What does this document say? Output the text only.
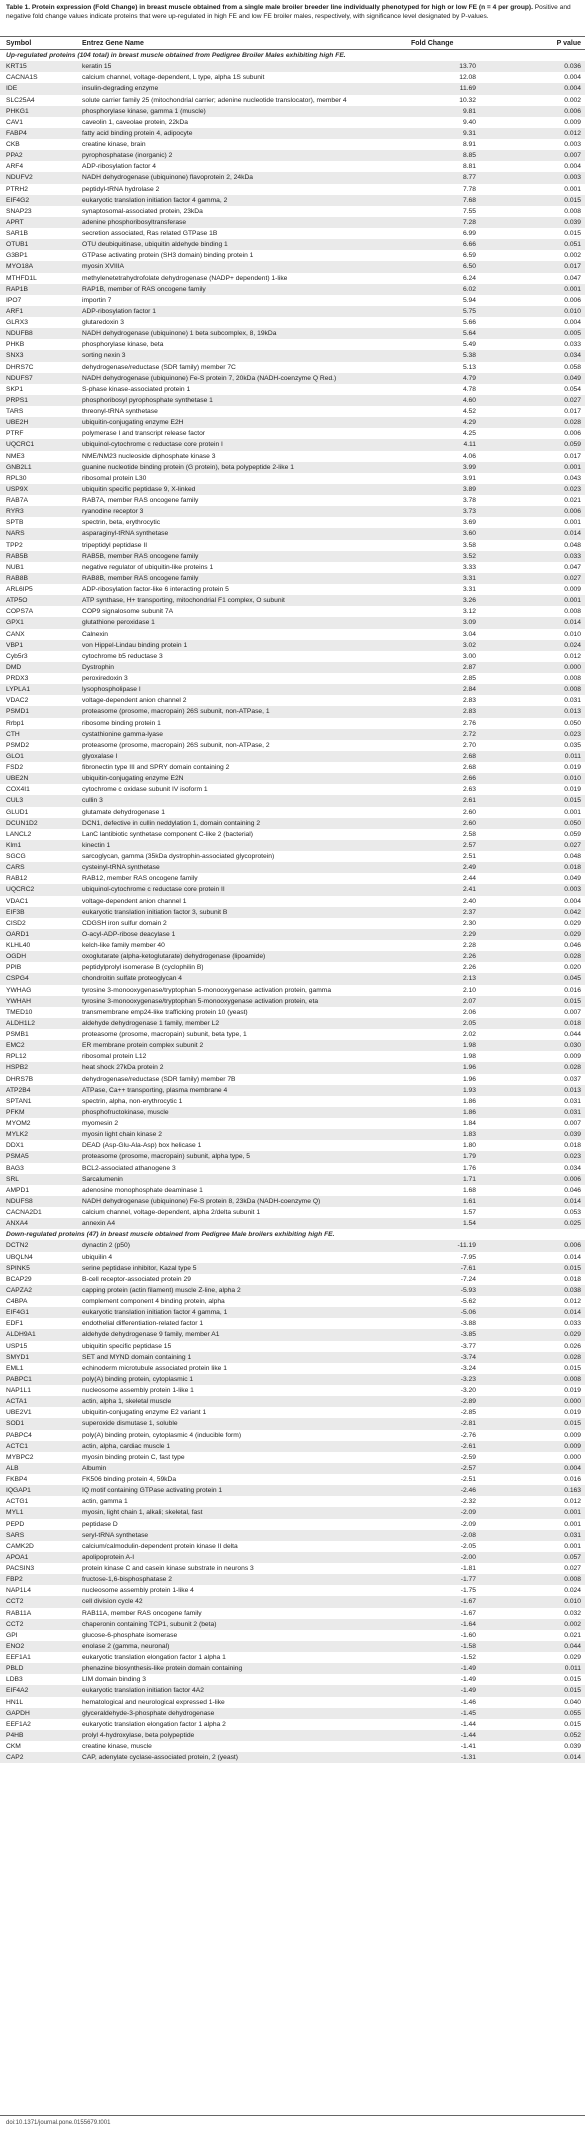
Table 1. Protein expression (Fold Change) in breast muscle obtained from a single male broiler breeder line individually phenotyped for high or low FE (n = 4 per group). Positive and negative fold change values indicate proteins that were up-regulated in high FE and low FE broiler males, respectively, with significance level designated by P-values.
Symbol	Entrez Gene Name	Fold Change	P value
Up-regulated proteins (104 total) in breast muscle obtained from Pedigree Broiler Males exhibiting high FE.			
KRT15	keratin 15	13.70	0.036
CACNA1S	calcium channel, voltage-dependent, L type, alpha 1S subunit	12.08	0.004
IDE	insulin-degrading enzyme	11.69	0.004
SLC25A4	solute carrier family 25 (mitochondrial carrier; adenine nucleotide translocator), member 4	10.32	0.002
PHKG1	phosphorylase kinase, gamma 1 (muscle)	9.81	0.006
CAV1	caveolin 1, caveolae protein, 22kDa	9.40	0.009
FABP4	fatty acid binding protein 4, adipocyte	9.31	0.012
CKB	creatine kinase, brain	8.91	0.003
PPA2	pyrophosphatase (inorganic) 2	8.85	0.007
ARF4	ADP-ribosylation factor 4	8.81	0.004
NDUFV2	NADH dehydrogenase (ubiquinone) flavoprotein 2, 24kDa	8.77	0.003
PTRH2	peptidyl-tRNA hydrolase 2	7.78	0.001
EIF4G2	eukaryotic translation initiation factor 4 gamma, 2	7.68	0.015
SNAP23	synaptosomal-associated protein, 23kDa	7.55	0.008
APRT	adenine phosphoribosyltransferase	7.28	0.039
SAR1B	secretion associated, Ras related GTPase 1B	6.99	0.015
OTUB1	OTU deubiquitinase, ubiquitin aldehyde binding 1	6.66	0.051
G3BP1	GTPase activating protein (SH3 domain) binding protein 1	6.59	0.002
MYO18A	myosin XVIIIA	6.50	0.017
MTHFD1L	methylenetetrahydrofolate dehydrogenase (NADP+ dependent) 1-like	6.24	0.047
RAP1B	RAP1B, member of RAS oncogene family	6.02	0.001
IPO7	importin 7	5.94	0.006
ARF1	ADP-ribosylation factor 1	5.75	0.010
GLRX3	glutaredoxin 3	5.66	0.004
NDUFB8	NADH dehydrogenase (ubiquinone) 1 beta subcomplex, 8, 19kDa	5.64	0.005
PHKB	phosphorylase kinase, beta	5.49	0.033
SNX3	sorting nexin 3	5.38	0.034
DHRS7C	dehydrogenase/reductase (SDR family) member 7C	5.13	0.058
NDUFS7	NADH dehydrogenase (ubiquinone) Fe-S protein 7, 20kDa (NADH-coenzyme Q Red.)	4.79	0.049
SKP1	S-phase kinase-associated protein 1	4.78	0.054
PRPS1	phosphoribosyl pyrophosphate synthetase 1	4.60	0.027
TARS	threonyl-tRNA synthetase	4.52	0.017
UBE2H	ubiquitin-conjugating enzyme E2H	4.29	0.028
PTRF	polymerase I and transcript release factor	4.25	0.006
UQCRC1	ubiquinol-cytochrome c reductase core protein I	4.11	0.059
NME3	NME/NM23 nucleoside diphosphate kinase 3	4.06	0.017
GNB2L1	guanine nucleotide binding protein (G protein), beta polypeptide 2-like 1	3.99	0.001
RPL30	ribosomal protein L30	3.91	0.043
USP9X	ubiquitin specific peptidase 9, X-linked	3.89	0.023
RAB7A	RAB7A, member RAS oncogene family	3.78	0.021
RYR3	ryanodine receptor 3	3.73	0.006
SPTB	spectrin, beta, erythrocytic	3.69	0.001
NARS	asparaginyl-tRNA synthetase	3.60	0.014
TPP2	tripeptidyl peptidase II	3.58	0.048
RAB5B	RAB5B, member RAS oncogene family	3.52	0.033
NUB1	negative regulator of ubiquitin-like proteins 1	3.33	0.047
RAB8B	RAB8B, member RAS oncogene family	3.31	0.027
ARL6IP5	ADP-ribosylation factor-like 6 interacting protein 5	3.31	0.009
ATP5O	ATP synthase, H+ transporting, mitochondrial F1 complex, O subunit	3.26	0.001
COPS7A	COP9 signalosome subunit 7A	3.12	0.008
GPX1	glutathione peroxidase 1	3.09	0.014
CANX	Calnexin	3.04	0.010
VBP1	von Hippel-Lindau binding protein 1	3.02	0.024
Cyb5r3	cytochrome b5 reductase 3	3.00	0.012
DMD	Dystrophin	2.87	0.000
PRDX3	peroxiredoxin 3	2.85	0.008
LYPLA1	lysophospholipase I	2.84	0.008
VDAC2	voltage-dependent anion channel 2	2.83	0.031
PSMD1	proteasome (prosome, macropain) 26S subunit, non-ATPase, 1	2.83	0.013
Rrbp1	ribosome binding protein 1	2.76	0.050
CTH	cystathionine gamma-lyase	2.72	0.023
PSMD2	proteasome (prosome, macropain) 26S subunit, non-ATPase, 2	2.70	0.035
GLO1	glyoxalase I	2.68	0.011
FSD2	fibronectin type III and SPRY domain containing 2	2.68	0.019
UBE2N	ubiquitin-conjugating enzyme E2N	2.66	0.010
COX4I1	cytochrome c oxidase subunit IV isoform 1	2.63	0.019
CUL3	cullin 3	2.61	0.015
GLUD1	glutamate dehydrogenase 1	2.60	0.001
DCUN1D2	DCN1, defective in cullin neddylation 1, domain containing 2	2.60	0.050
LANCL2	LanC lantibiotic synthetase component C-like 2 (bacterial)	2.58	0.059
Klm1	kinectin 1	2.57	0.027
SGCG	sarcoglycan, gamma (35kDa dystrophin-associated glycoprotein)	2.51	0.048
CARS	cysteinyl-tRNA synthetase	2.49	0.018
RAB12	RAB12, member RAS oncogene family	2.44	0.049
UQCRC2	ubiquinol-cytochrome c reductase core protein II	2.41	0.003
VDAC1	voltage-dependent anion channel 1	2.40	0.004
EIF3B	eukaryotic translation initiation factor 3, subunit B	2.37	0.042
CISD2	CDGSH iron sulfur domain 2	2.30	0.029
OARD1	O-acyl-ADP-ribose deacylase 1	2.29	0.029
KLHL40	kelch-like family member 40	2.28	0.046
OGDH	oxoglutarate (alpha-ketoglutarate) dehydrogenase (lipoamide)	2.26	0.028
PPIB	peptidylprolyl isomerase B (cyclophilin B)	2.26	0.020
CSPG4	chondroitin sulfate proteoglycan 4	2.13	0.045
YWHAG	tyrosine 3-monooxygenase/tryptophan 5-monooxygenase activation protein, gamma	2.10	0.016
YWHAH	tyrosine 3-monooxygenase/tryptophan 5-monooxygenase activation protein, eta	2.07	0.015
TMED10	transmembrane emp24-like trafficking protein 10 (yeast)	2.06	0.007
ALDH1L2	aldehyde dehydrogenase 1 family, member L2	2.05	0.018
PSMB1	proteasome (prosome, macropain) subunit, beta type, 1	2.02	0.044
EMC2	ER membrane protein complex subunit 2	1.98	0.030
RPL12	ribosomal protein L12	1.98	0.009
HSPB2	heat shock 27kDa protein 2	1.96	0.028
DHRS7B	dehydrogenase/reductase (SDR family) member 7B	1.96	0.037
ATP2B4	ATPase, Ca++ transporting, plasma membrane 4	1.93	0.013
SPTAN1	spectrin, alpha, non-erythrocytic 1	1.86	0.031
PFKM	phosphofructokinase, muscle	1.86	0.031
MYOM2	myomesin 2	1.84	0.007
MYLK2	myosin light chain kinase 2	1.83	0.039
DDX1	DEAD (Asp-Glu-Ala-Asp) box helicase 1	1.80	0.018
PSMA5	proteasome (prosome, macropain) subunit, alpha type, 5	1.79	0.023
BAG3	BCL2-associated athanogene 3	1.76	0.034
SRL	Sarcalumenin	1.71	0.006
AMPD1	adenosine monophosphate deaminase 1	1.68	0.046
NDUFS8	NADH dehydrogenase (ubiquinone) Fe-S protein 8, 23kDa (NADH-coenzyme Q)	1.61	0.014
CACNA2D1	calcium channel, voltage-dependent, alpha 2/delta subunit 1	1.57	0.053
ANXA4	annexin A4	1.54	0.025
Down-regulated proteins (47) in breast muscle obtained from Pedigree Male broilers exhibiting high FE.			
DCTN2	dynactin 2 (p50)	-11.19	0.006
UBQLN4	ubiquilin 4	-7.95	0.014
SPINK5	serine peptidase inhibitor, Kazal type 5	-7.61	0.015
BCAP29	B-cell receptor-associated protein 29	-7.24	0.018
CAPZA2	capping protein (actin filament) muscle Z-line, alpha 2	-5.93	0.038
C4BPA	complement component 4 binding protein, alpha	-5.62	0.012
EIF4G1	eukaryotic translation initiation factor 4 gamma, 1	-5.06	0.014
EDF1	endothelial differentiation-related factor 1	-3.88	0.033
ALDH9A1	aldehyde dehydrogenase 9 family, member A1	-3.85	0.029
USP15	ubiquitin specific peptidase 15	-3.77	0.026
SMYD1	SET and MYND domain containing 1	-3.74	0.028
EML1	echinoderm microtubule associated protein like 1	-3.24	0.015
PABPC1	poly(A) binding protein, cytoplasmic 1	-3.23	0.008
NAP1L1	nucleosome assembly protein 1-like 1	-3.20	0.019
ACTA1	actin, alpha 1, skeletal muscle	-2.89	0.000
UBE2V1	ubiquitin-conjugating enzyme E2 variant 1	-2.85	0.019
SOD1	superoxide dismutase 1, soluble	-2.81	0.015
PABPC4	poly(A) binding protein, cytoplasmic 4 (inducible form)	-2.76	0.009
ACTC1	actin, alpha, cardiac muscle 1	-2.61	0.009
MYBPC2	myosin binding protein C, fast type	-2.59	0.000
ALB	Albumin	-2.57	0.004
FKBP4	FK506 binding protein 4, 59kDa	-2.51	0.016
IQGAP1	IQ motif containing GTPase activating protein 1	-2.46	0.163
ACTG1	actin, gamma 1	-2.32	0.012
MYL1	myosin, light chain 1, alkali; skeletal, fast	-2.09	0.001
PEPD	peptidase D	-2.09	0.001
SARS	seryl-tRNA synthetase	-2.08	0.031
CAMK2D	calcium/calmodulin-dependent protein kinase II delta	-2.05	0.001
APOA1	apolipoprotein A-I	-2.00	0.057
PACSIN3	protein kinase C and casein kinase substrate in neurons 3	-1.81	0.027
FBP2	fructose-1,6-bisphosphatase 2	-1.77	0.008
NAP1L4	nucleosome assembly protein 1-like 4	-1.75	0.024
CCT2	cell division cycle 42	-1.67	0.010
RAB11A	RAB11A, member RAS oncogene family	-1.67	0.032
CCT2	chaperonin containing TCP1, subunit 2 (beta)	-1.64	0.002
GPI	glucose-6-phosphate isomerase	-1.60	0.021
ENO2	enolase 2 (gamma, neuronal)	-1.58	0.044
EEF1A1	eukaryotic translation elongation factor 1 alpha 1	-1.52	0.029
PBLD	phenazine biosynthesis-like protein domain containing	-1.49	0.011
LDB3	LIM domain binding 3	-1.49	0.015
EIF4A2	eukaryotic translation initiation factor 4A2	-1.49	0.015
HN1L	hematological and neurological expressed 1-like	-1.46	0.040
GAPDH	glyceraldehyde-3-phosphate dehydrogenase	-1.45	0.055
EEF1A2	eukaryotic translation elongation factor 1 alpha 2	-1.44	0.015
P4HB	prolyl 4-hydroxylase, beta polypeptide	-1.44	0.052
CKM	creatine kinase, muscle	-1.41	0.039
CAP2	CAP, adenylate cyclase-associated protein, 2 (yeast)	-1.31	0.014
doi:10.1371/journal.pone.0155679.t001
